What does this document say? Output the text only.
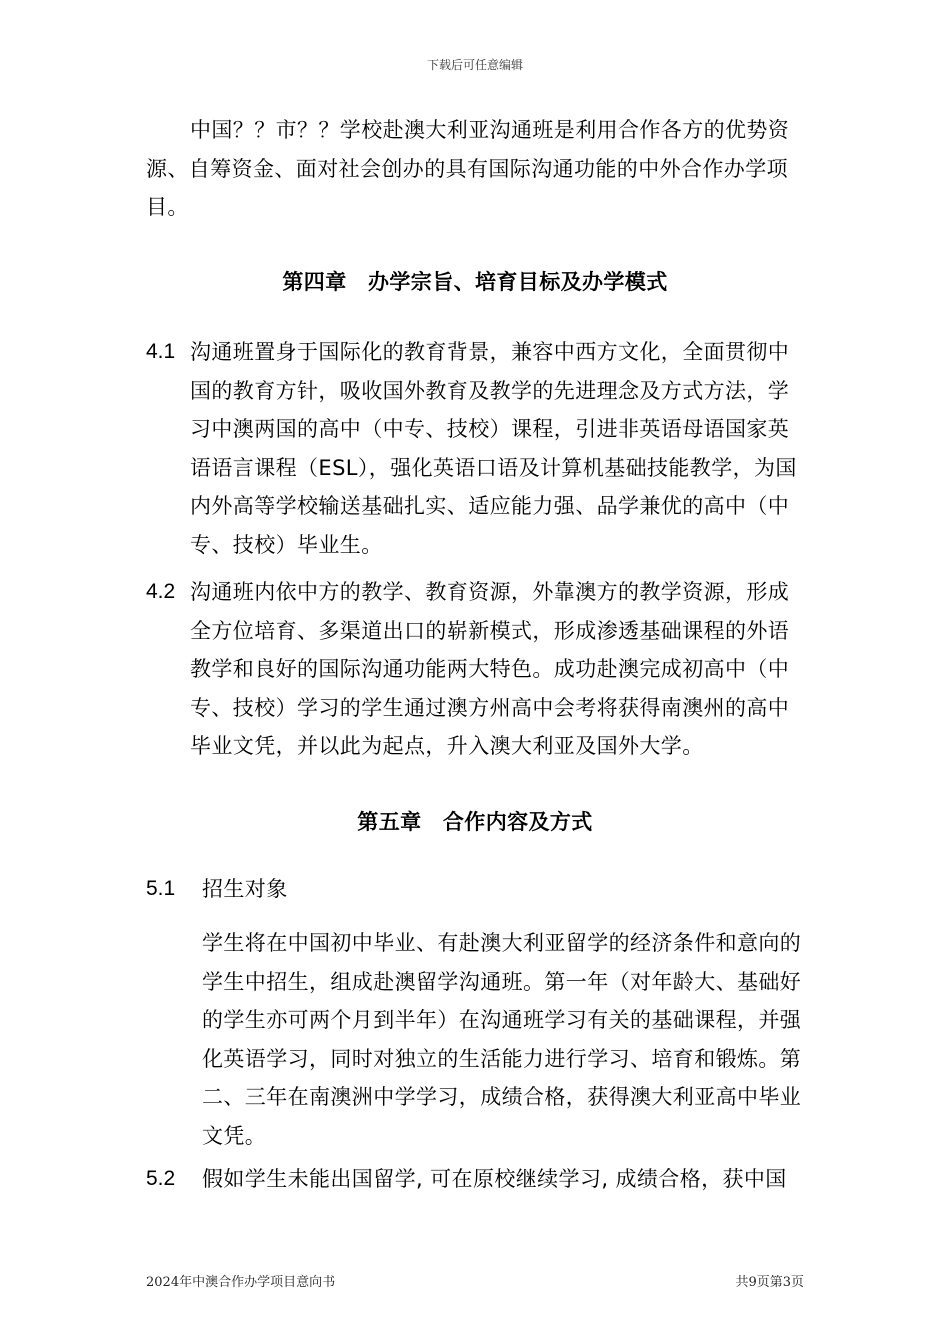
下载后可任意编辑
中国？？市？？学校赴澳大利亚沟通班是利用合作各方的优势资源、自筹资金、面对社会创办的具有国际沟通功能的中外合作办学项目。
第四章　办学宗旨、培育目标及办学模式
4.1 沟通班置身于国际化的教育背景，兼容中西方文化，全面贯彻中国的教育方针，吸收国外教育及教学的先进理念及方式方法，学习中澳两国的高中（中专、技校）课程，引进非英语母语国家英语语言课程（ESL），强化英语口语及计算机基础技能教学，为国内外高等学校输送基础扎实、适应能力强、品学兼优的高中（中专、技校）毕业生。
4.2 沟通班内依中方的教学、教育资源，外靠澳方的教学资源，形成全方位培育、多渠道出口的崭新模式，形成渗透基础课程的外语教学和良好的国际沟通功能两大特色。成功赴澳完成初高中（中专、技校）学习的学生通过澳方州高中会考将获得南澳州的高中毕业文凭，并以此为起点，升入澳大利亚及国外大学。
第五章　合作内容及方式
5.1 招生对象
学生将在中国初中毕业、有赴澳大利亚留学的经济条件和意向的学生中招生，组成赴澳留学沟通班。第一年（对年龄大、基础好的学生亦可两个月到半年）在沟通班学习有关的基础课程，并强化英语学习，同时对独立的生活能力进行学习、培育和锻炼。第二、三年在南澳洲中学学习，成绩合格，获得澳大利亚高中毕业文凭。
5.2 假如学生未能出国留学, 可在原校继续学习, 成绩合格，获中国
2024年中澳合作办学项目意向书	共9页第3页
